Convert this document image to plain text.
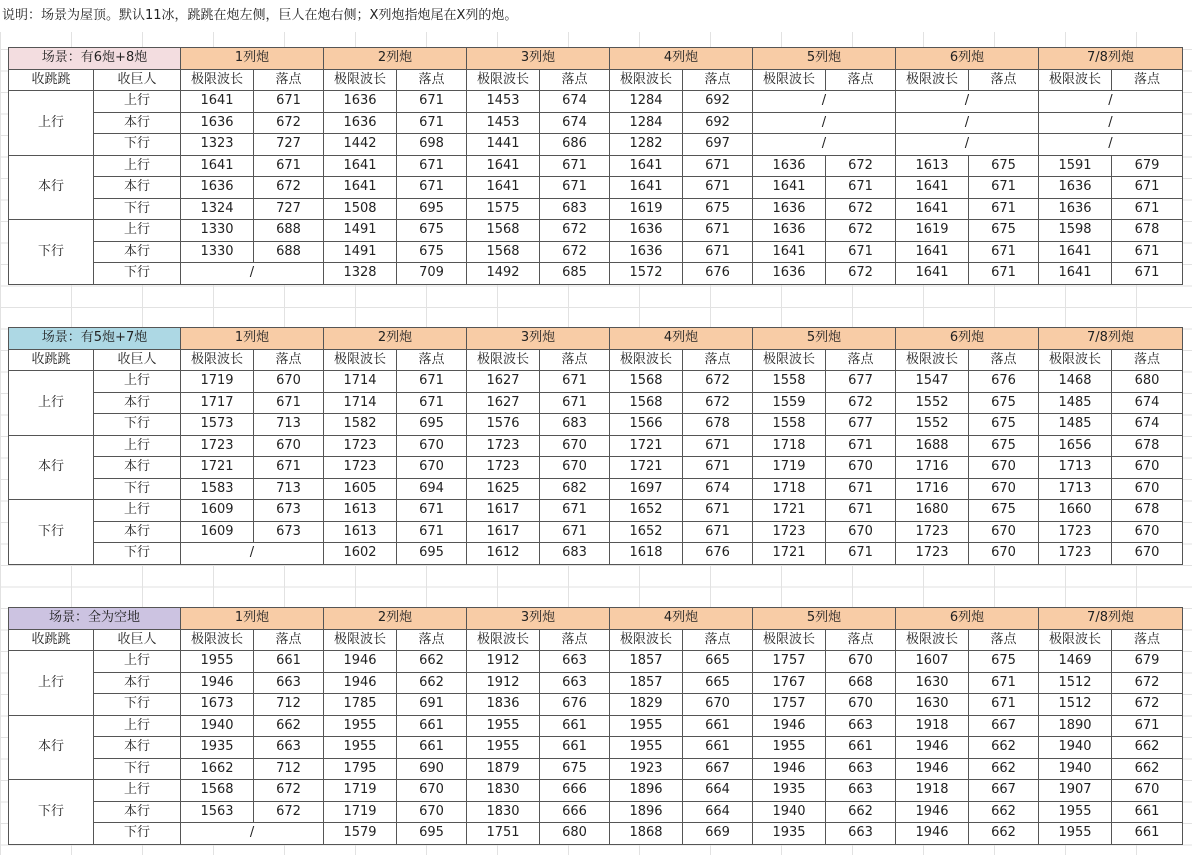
说明：场景为屋顶。默认11冰，跳跳在炮左侧，巨人在炮右侧；X列炮指炮尾在X列的炮。
场景：有6炮+8炮		1列炮		2列炮		3列炮		4列炮		5列炮		6列炮		7/8列炮	
收跳跳	收巨人	极限波长	落点	极限波长	落点	极限波长	落点	极限波长	落点	极限波长	落点	极限波长	落点	极限波长	落点
上行	上行	1641	671	1636	671	1453	674	1284	692	/		/		/	
	本行	1636	672	1636	671	1453	674	1284	692	/		/		/	
	下行	1323	727	1442	698	1441	686	1282	697	/		/		/	
本行	上行	1641	671	1641	671	1641	671	1641	671	1636	672	1613	675	1591	679
	本行	1636	672	1641	671	1641	671	1641	671	1641	671	1641	671	1636	671
	下行	1324	727	1508	695	1575	683	1619	675	1636	672	1641	671	1636	671
下行	上行	1330	688	1491	675	1568	672	1636	671	1636	672	1619	675	1598	678
	本行	1330	688	1491	675	1568	672	1636	671	1641	671	1641	671	1641	671
	下行	/		1328	709	1492	685	1572	676	1636	672	1641	671	1641	671
场景：有5炮+7炮		1列炮		2列炮		3列炮		4列炮		5列炮		6列炮		7/8列炮	
收跳跳	收巨人	极限波长	落点	极限波长	落点	极限波长	落点	极限波长	落点	极限波长	落点	极限波长	落点	极限波长	落点
上行	上行	1719	670	1714	671	1627	671	1568	672	1558	677	1547	676	1468	680
	本行	1717	671	1714	671	1627	671	1568	672	1559	672	1552	675	1485	674
	下行	1573	713	1582	695	1576	683	1566	678	1558	677	1552	675	1485	674
本行	上行	1723	670	1723	670	1723	670	1721	671	1718	671	1688	675	1656	678
	本行	1721	671	1723	670	1723	670	1721	671	1719	670	1716	670	1713	670
	下行	1583	713	1605	694	1625	682	1697	674	1718	671	1716	670	1713	670
下行	上行	1609	673	1613	671	1617	671	1652	671	1721	671	1680	675	1660	678
	本行	1609	673	1613	671	1617	671	1652	671	1723	670	1723	670	1723	670
	下行	/		1602	695	1612	683	1618	676	1721	671	1723	670	1723	670
场景：全为空地		1列炮		2列炮		3列炮		4列炮		5列炮		6列炮		7/8列炮	
收跳跳	收巨人	极限波长	落点	极限波长	落点	极限波长	落点	极限波长	落点	极限波长	落点	极限波长	落点	极限波长	落点
上行	上行	1955	661	1946	662	1912	663	1857	665	1757	670	1607	675	1469	679
	本行	1946	663	1946	662	1912	663	1857	665	1767	668	1630	671	1512	672
	下行	1673	712	1785	691	1836	676	1829	670	1757	670	1630	671	1512	672
本行	上行	1940	662	1955	661	1955	661	1955	661	1946	663	1918	667	1890	671
	本行	1935	663	1955	661	1955	661	1955	661	1955	661	1946	662	1940	662
	下行	1662	712	1795	690	1879	675	1923	667	1946	663	1946	662	1940	662
下行	上行	1568	672	1719	670	1830	666	1896	664	1935	663	1918	667	1907	670
	本行	1563	672	1719	670	1830	666	1896	664	1940	662	1946	662	1955	661
	下行	/		1579	695	1751	680	1868	669	1935	663	1946	662	1955	661
